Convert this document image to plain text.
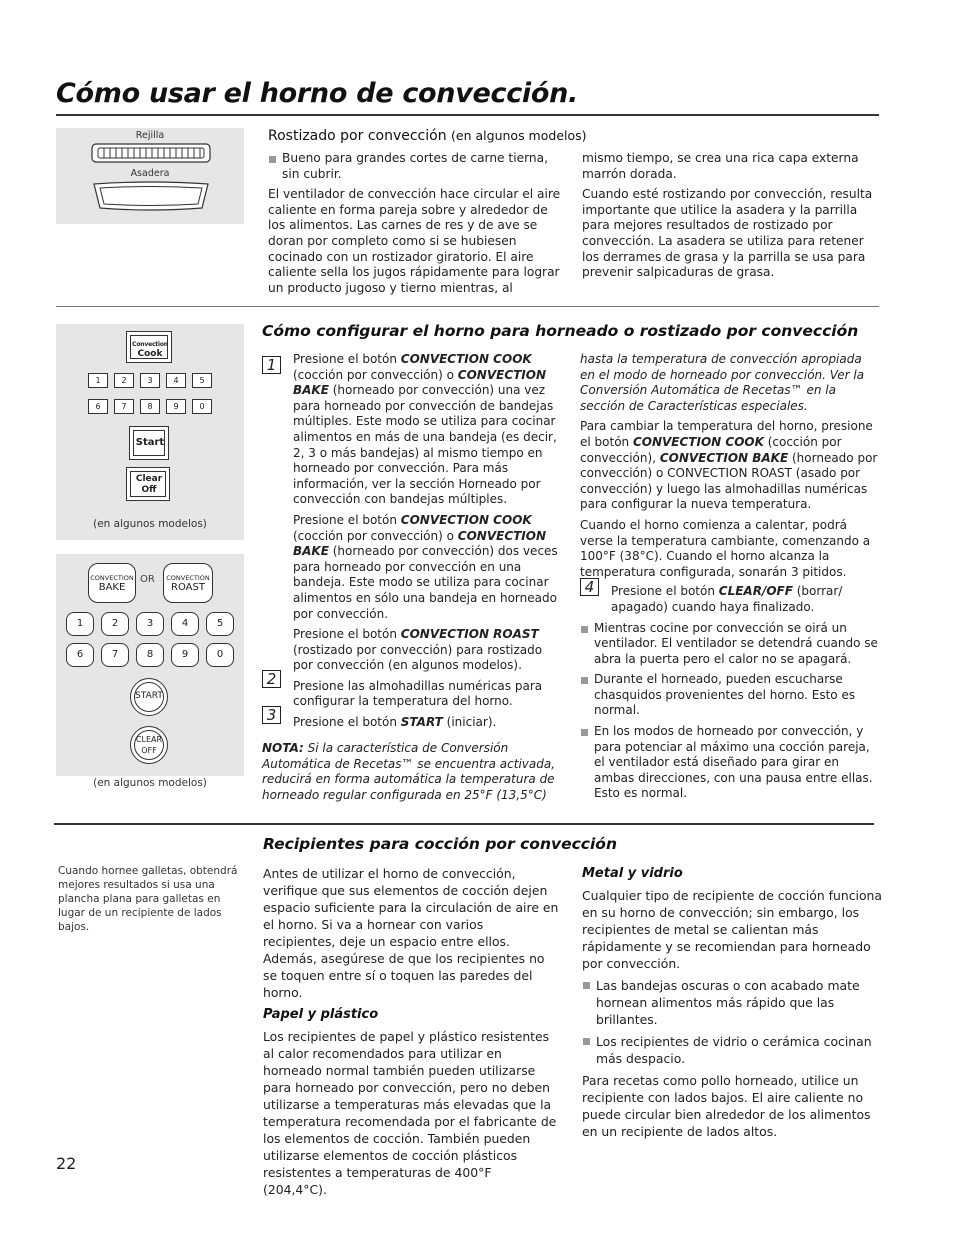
Cómo usar el horno de convección.
Rejilla
Asadera
Rostizado por convección (en algunos modelos)

Bueno para grandes cortes de carne tierna, sin cubrir.

El ventilador de convección hace circular el aire caliente en forma pareja sobre y alrededor de los alimentos. Las carnes de res y de ave se doran por completo como si se hubiesen cocinado con un rostizador giratorio. El aire caliente sella los jugos rápidamente para lograr un producto jugoso y tierno mientras, al

mismo tiempo, se crea una rica capa externa marrón dorada.

Cuando esté rostizando por convección, resulta importante que utilice la asadera y la parrilla para mejores resultados de rostizado por convección. La asadera se utiliza para retener los derrames de grasa y la parrilla se usa para prevenir salpicaduras de grasa.

Convection
Cook
1	2	3	4	5
6	7	8	9	0
Start
Clear
Off
(en algunos modelos)
CONVECTION
BAKE
OR	CONVECTION
ROAST
1	2	3	4	5
6	7	8	9	0
START
CLEAR
OFF
(en algunos modelos)
Cómo configurar el horno para horneado o rostizado por convección
1
2
3
4

Presione el botón CONVECTION COOK (cocción por convección) o CONVECTION BAKE (horneado por convección) una vez para horneado por convección de bandejas múltiples. Este modo se utiliza para cocinar alimentos en más de una bandeja (es decir, 2, 3 o más bandejas) al mismo tiempo en horneado por convección. Para más información, ver la sección Horneado por convección con bandejas múltiples.

Presione el botón CONVECTION COOK (cocción por convección) o CONVECTION BAKE (horneado por convección) dos veces para horneado por convección en una bandeja. Este modo se utiliza para cocinar alimentos en sólo una bandeja en horneado por convección.

Presione el botón CONVECTION ROAST (rostizado por convección) para rostizado por convección (en algunos modelos).

Presione las almohadillas numéricas para configurar la temperatura del horno.

Presione el botón START (iniciar).

NOTA: Si la característica de Conversión Automática de Recetas™ se encuentra activada, reducirá en forma automática la temperatura de horneado regular configurada en 25°F (13,5°C)

hasta la temperatura de convección apropiada en el modo de horneado por convección. Ver la Conversión Automática de Recetas™ en la sección de Características especiales.

Para cambiar la temperatura del horno, presione el botón CONVECTION COOK (cocción por convección), CONVECTION BAKE (horneado por convección) o CONVECTION ROAST (asado por convección) y luego las almohadillas numéricas para configurar la nueva temperatura.

Cuando el horno comienza a calentar, podrá verse la temperatura cambiante, comenzando a 100°F (38°C). Cuando el horno alcanza la temperatura configurada, sonarán 3 pitidos.

Presione el botón CLEAR/OFF (borrar/ apagado) cuando haya finalizado.

Mientras cocine por convección se oirá un ventilador. El ventilador se detendrá cuando se abra la puerta pero el calor no se apagará.

Durante el horneado, pueden escucharse chasquidos provenientes del horno. Esto es normal.

En los modos de horneado por convección, y para potenciar al máximo una cocción pareja, el ventilador está diseñado para girar en ambas direcciones, con una pausa entre ellas. Esto es normal.

Recipientes para cocción por convección
Cuando hornee galletas, obtendrá mejores resultados si usa una plancha plana para galletas en lugar de un recipiente de lados bajos.

Antes de utilizar el horno de convección, verifique que sus elementos de cocción dejen espacio suficiente para la circulación de aire en el horno. Si va a hornear con varios recipientes, deje un espacio entre ellos. Además, asegúrese de que los recipientes no se toquen entre sí o toquen las paredes del horno.

Papel y plástico

Los recipientes de papel y plástico resistentes al calor recomendados para utilizar en horneado normal también pueden utilizarse para horneado por convección, pero no deben utilizarse a temperaturas más elevadas que la temperatura recomendada por el fabricante de los elementos de cocción. También pueden utilizarse elementos de cocción plásticos resistentes a temperaturas de 400°F (204,4°C).

Metal y vidrio

Cualquier tipo de recipiente de cocción funciona en su horno de convección; sin embargo, los recipientes de metal se calientan más rápidamente y se recomiendan para horneado por convección.

Las bandejas oscuras o con acabado mate hornean alimentos más rápido que las brillantes.

Los recipientes de vidrio o cerámica cocinan más despacio.

Para recetas como pollo horneado, utilice un recipiente con lados bajos. El aire caliente no puede circular bien alrededor de los alimentos en un recipiente de lados altos.

22
